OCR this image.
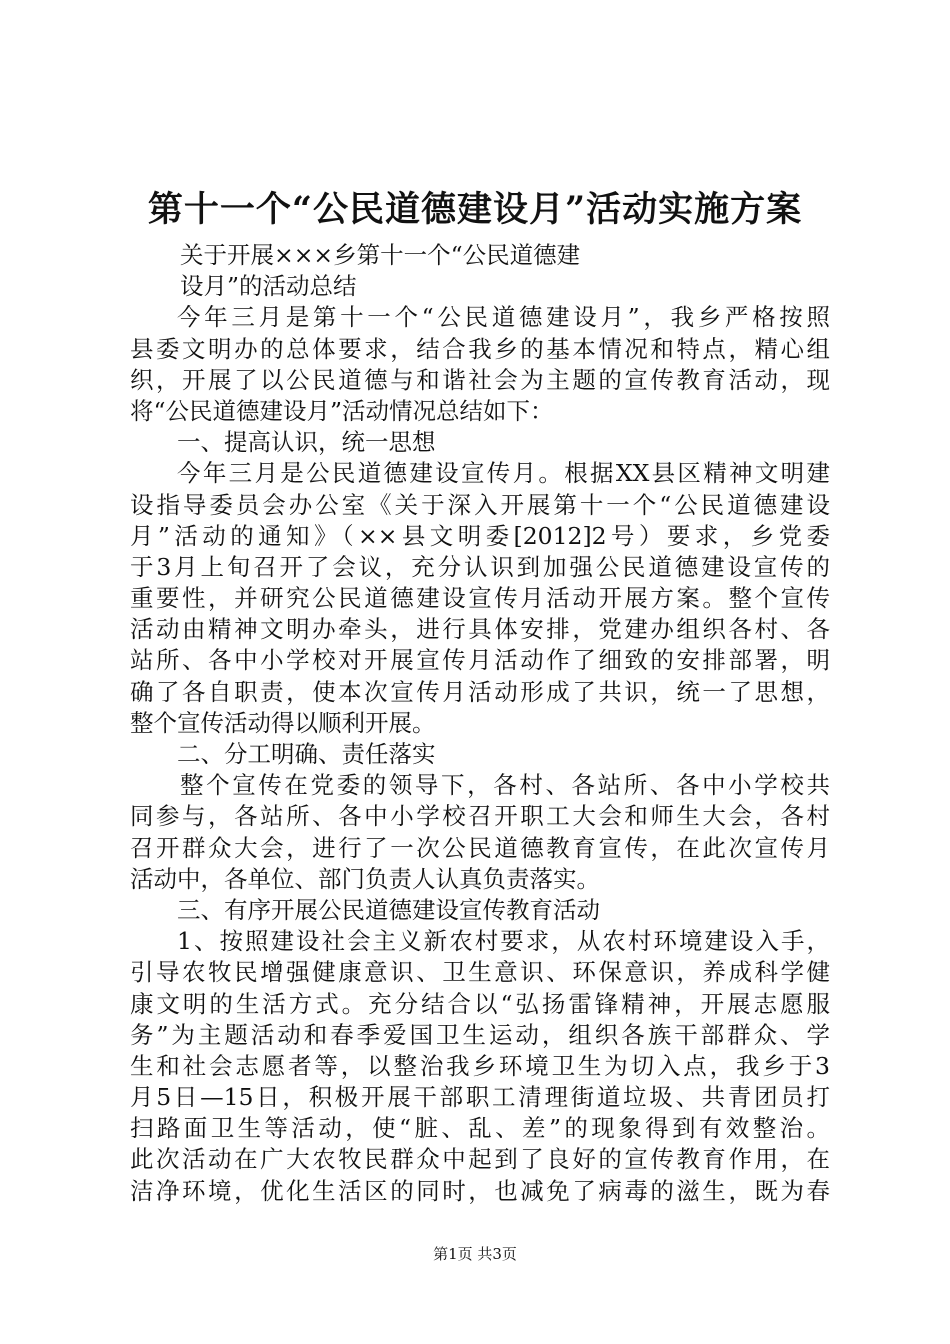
第十一个“公民道德建设月”活动实施方案
关于开展×××乡第十一个“公民道德建
设月”的活动总结
今年三月是第十一个“公民道德建设月”，我乡严格按照
县委文明办的总体要求，结合我乡的基本情况和特点，精心组
织，开展了以公民道德与和谐社会为主题的宣传教育活动，现
将“公民道德建设月”活动情况总结如下：
一、提高认识，统一思想
今年三月是公民道德建设宣传月。根据XX县区精神文明建
设指导委员会办公室《关于深入开展第十一个“公民道德建设
月”活动的通知》（××县文明委[2012]2号）要求，乡党委
于3月上旬召开了会议，充分认识到加强公民道德建设宣传的
重要性，并研究公民道德建设宣传月活动开展方案。整个宣传
活动由精神文明办牵头，进行具体安排，党建办组织各村、各
站所、各中小学校对开展宣传月活动作了细致的安排部署，明
确了各自职责，使本次宣传月活动形成了共识，统一了思想，
整个宣传活动得以顺利开展。
二、分工明确、责任落实
整个宣传在党委的领导下，各村、各站所、各中小学校共
同参与，各站所、各中小学校召开职工大会和师生大会，各村
召开群众大会，进行了一次公民道德教育宣传，在此次宣传月
活动中，各单位、部门负责人认真负责落实。
三、有序开展公民道德建设宣传教育活动
1、按照建设社会主义新农村要求，从农村环境建设入手，
引导农牧民增强健康意识、卫生意识、环保意识，养成科学健
康文明的生活方式。充分结合以“弘扬雷锋精神，开展志愿服
务”为主题活动和春季爱国卫生运动，组织各族干部群众、学
生和社会志愿者等，以整治我乡环境卫生为切入点，我乡于3
月5日—15日，积极开展干部职工清理街道垃圾、共青团员打
扫路面卫生等活动，使“脏、乱、差”的现象得到有效整治。
此次活动在广大农牧民群众中起到了良好的宣传教育作用，在
洁净环境，优化生活区的同时，也减免了病毒的滋生，既为春
第1页 共3页
